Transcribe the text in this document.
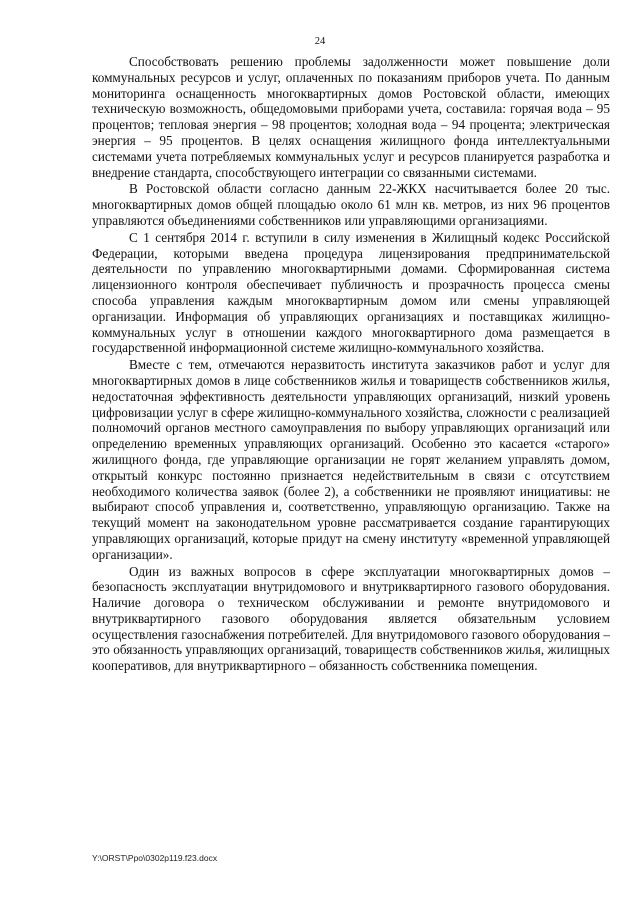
24

Способствовать решению проблемы задолженности может повышение доли коммунальных ресурсов и услуг, оплаченных по показаниям приборов учета. По данным мониторинга оснащенность многоквартирных домов Ростовской области, имеющих техническую возможность, общедомовыми приборами учета, составила: горячая вода – 95 процентов; тепловая энергия – 98 процентов; холодная вода – 94 процента; электрическая энергия – 95 процентов. В целях оснащения жилищного фонда интеллектуальными системами учета потребляемых коммунальных услуг и ресурсов планируется разработка и внедрение стандарта, способствующего интеграции со связанными системами.

В Ростовской области согласно данным 22-ЖКХ насчитывается более 20 тыс. многоквартирных домов общей площадью около 61 млн кв. метров, из них 96 процентов управляются объединениями собственников или управляющими организациями.

С 1 сентября 2014 г. вступили в силу изменения в Жилищный кодекс Российской Федерации, которыми введена процедура лицензирования предпринимательской деятельности по управлению многоквартирными домами. Сформированная система лицензионного контроля обеспечивает публичность и прозрачность процесса смены способа управления каждым многоквартирным домом или смены управляющей организации. Информация об управляющих организациях и поставщиках жилищно-коммунальных услуг в отношении каждого многоквартирного дома размещается в государственной информационной системе жилищно-коммунального хозяйства.

Вместе с тем, отмечаются неразвитость института заказчиков работ и услуг для многоквартирных домов в лице собственников жилья и товариществ собственников жилья, недостаточная эффективность деятельности управляющих организаций, низкий уровень цифровизации услуг в сфере жилищно-коммунального хозяйства, сложности с реализацией полномочий органов местного самоуправления по выбору управляющих организаций или определению временных управляющих организаций. Особенно это касается «старого» жилищного фонда, где управляющие организации не горят желанием управлять домом, открытый конкурс постоянно признается недействительным в связи с отсутствием необходимого количества заявок (более 2), а собственники не проявляют инициативы: не выбирают способ управления и, соответственно, управляющую организацию. Также на текущий момент на законодательном уровне рассматривается создание гарантирующих управляющих организаций, которые придут на смену институту «временной управляющей организации».

Один из важных вопросов в сфере эксплуатации многоквартирных домов – безопасность эксплуатации внутридомового и внутриквартирного газового оборудования. Наличие договора о техническом обслуживании и ремонте внутридомового и внутриквартирного газового оборудования является обязательным условием осуществления газоснабжения потребителей. Для внутридомового газового оборудования – это обязанность управляющих организаций, товариществ собственников жилья, жилищных кооперативов, для внутриквартирного – обязанность собственника помещения.

Y:\ORST\Ppo\0302p119.f23.docx
